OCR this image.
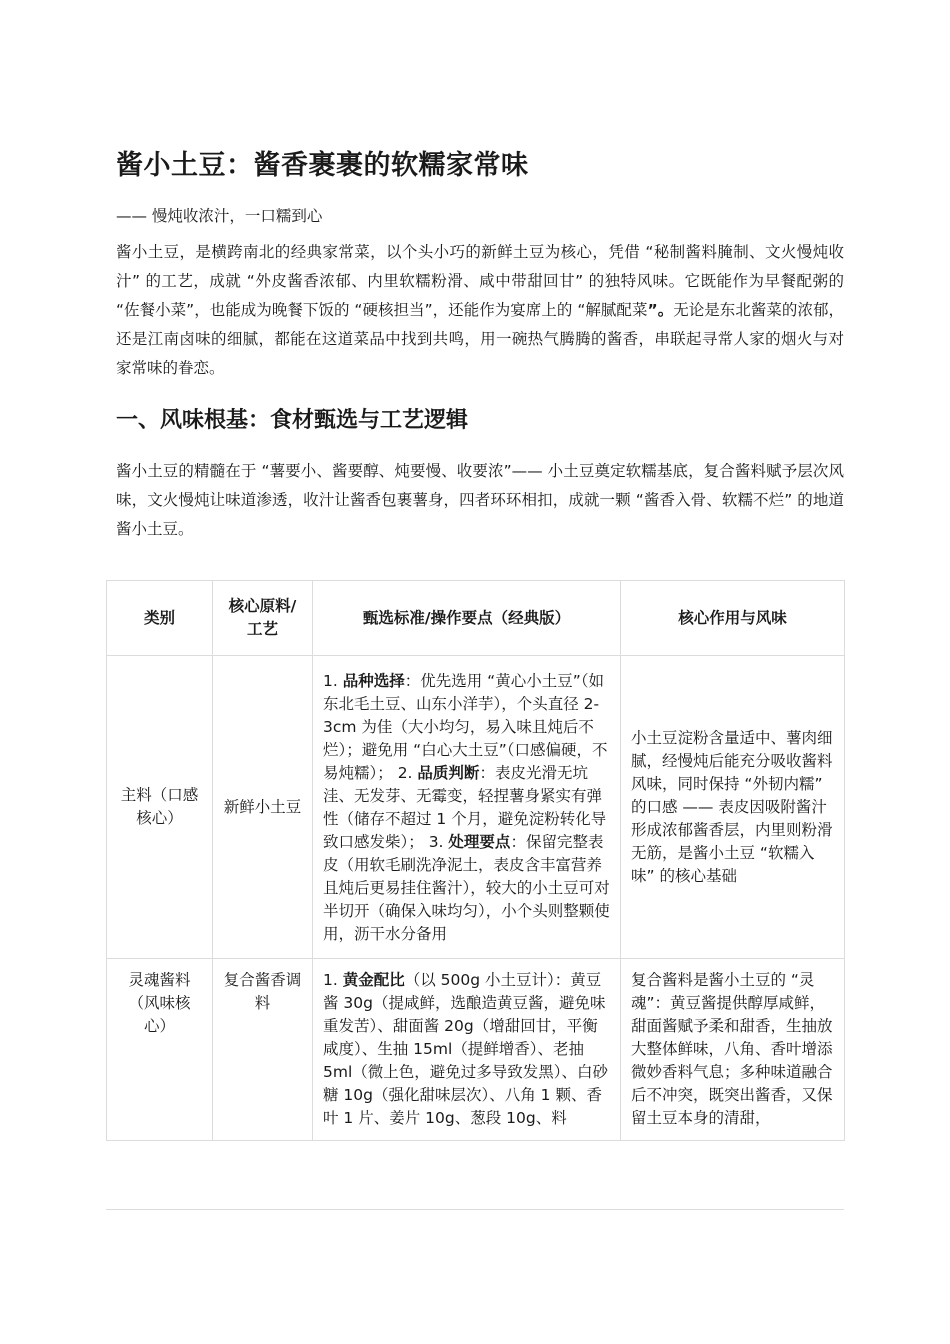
酱小土豆：酱香裹裹的软糯家常味

—— 慢炖收浓汁，一口糯到心

酱小土豆，是横跨南北的经典家常菜，以个头小巧的新鲜土豆为核心，凭借 “秘制酱料腌制、文火慢炖收汁” 的工艺，成就 “外皮酱香浓郁、内里软糯粉滑、咸中带甜回甘” 的独特风味。它既能作为早餐配粥的 “佐餐小菜”，也能成为晚餐下饭的 “硬核担当”，还能作为宴席上的 “解腻配菜”。无论是东北酱菜的浓郁，还是江南卤味的细腻，都能在这道菜品中找到共鸣，用一碗热气腾腾的酱香，串联起寻常人家的烟火与对家常味的眷恋。

一、风味根基：食材甄选与工艺逻辑

酱小土豆的精髓在于 “薯要小、酱要醇、炖要慢、收要浓”—— 小土豆奠定软糯基底，复合酱料赋予层次风味，文火慢炖让味道渗透，收汁让酱香包裹薯身，四者环环相扣，成就一颗 “酱香入骨、软糯不烂” 的地道酱小土豆。

类别	核心原料/工艺	甄选标准/操作要点（经典版）	核心作用与风味
主料（口感核心）	新鲜小土豆	1. 品种选择：优先选用 “黄心小土豆”（如东北毛土豆、山东小洋芋），个头直径 2-3cm 为佳（大小均匀，易入味且炖后不烂）；避免用 “白心大土豆”（口感偏硬，不易炖糯）； 2. 品质判断：表皮光滑无坑洼、无发芽、无霉变，轻捏薯身紧实有弹性（储存不超过 1 个月，避免淀粉转化导致口感发柴）； 3. 处理要点：保留完整表皮（用软毛刷洗净泥土，表皮含丰富营养且炖后更易挂住酱汁），较大的小土豆可对半切开（确保入味均匀），小个头则整颗使用，沥干水分备用	小土豆淀粉含量适中、薯肉细腻，经慢炖后能充分吸收酱料风味，同时保持 “外韧内糯” 的口感 —— 表皮因吸附酱汁形成浓郁酱香层，内里则粉滑无筋，是酱小土豆 “软糯入味” 的核心基础
灵魂酱料（风味核心）	复合酱香调料	1. 黄金配比（以 500g 小土豆计）：黄豆酱 30g（提咸鲜，选酿造黄豆酱，避免味重发苦）、甜面酱 20g（增甜回甘，平衡咸度）、生抽 15ml（提鲜增香）、老抽 5ml（微上色，避免过多导致发黑）、白砂糖 10g（强化甜味层次）、八角 1 颗、香叶 1 片、姜片 10g、葱段 10g、料	复合酱料是酱小土豆的 “灵魂”：黄豆酱提供醇厚咸鲜，甜面酱赋予柔和甜香，生抽放大整体鲜味，八角、香叶增添微妙香料气息；多种味道融合后不冲突，既突出酱香，又保留土豆本身的清甜，
